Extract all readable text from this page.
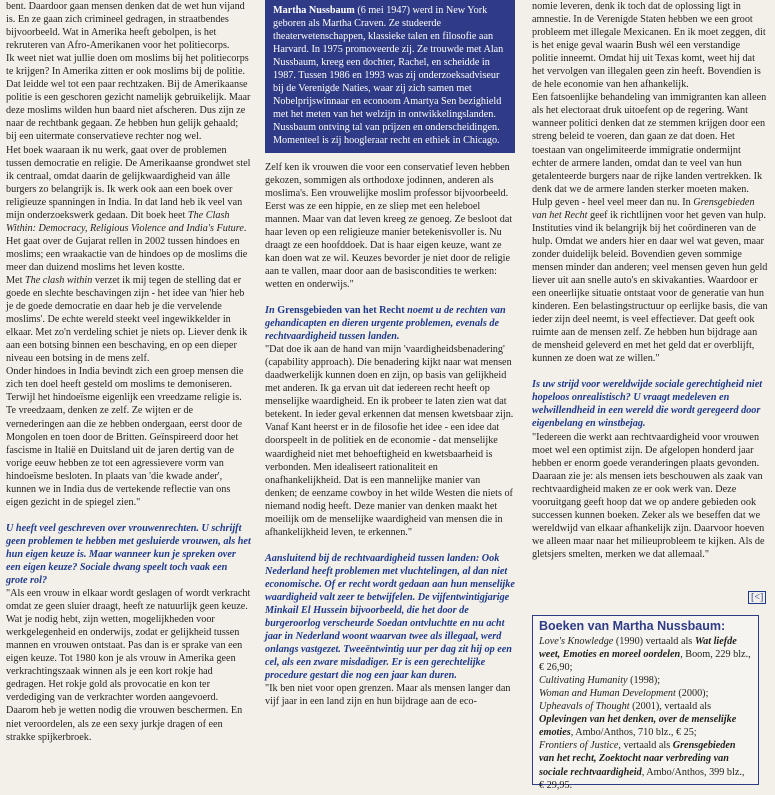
bent. Daardoor gaan mensen denken dat de wet hun vijand is. En ze gaan zich crimineel gedragen, in straatbendes bijvoorbeeld. Wat in Amerika heeft gebolpen, is het rekruteren van Afro-Amerikanen voor het politiecorps.

Ik weet niet wat jullie doen om moslims bij het politiecorps te krijgen? In Amerika zitten er ook moslims bij de politie. Dat leidde wel tot een paar rechtzaken. Bij de Amerikaanse politie is een geschoren gezicht namelijk gebruikelijk. Maar deze moslims wilden hun baard niet afscheren. Dus zijn ze naar de rechtbank gegaan. Ze hebben hun gelijk gehaald; bij een uitermate conservatieve rechter nog wel.

Het boek waaraan ik nu werk, gaat over de problemen tussen democratie en religie. De Amerikaanse grondwet stel ik centraal, omdat daarin de gelijkwaardigheid van álle burgers zo belangrijk is. Ik werk ook aan een boek over religieuze spanningen in India. In dat land heb ik veel van mijn onderzoekswerk gedaan. Dit boek heet The Clash Within: Democracy, Religious Violence and India's Future. Het gaat over de Gujarat rellen in 2002 tussen hindoes en moslims; een wraakactie van de hindoes op de moslims die meer dan duizend moslims het leven kostte.

Met The clash within verzet ik mij tegen de stelling dat er goede en slechte beschavingen zijn - het idee van 'hier heb je de goede democratie en daar heb je die vervelende moslims'. De echte wereld steekt veel ingewikkelder in elkaar. Met zo'n verdeling schiet je niets op. Liever denk ik aan een botsing binnen een beschaving, en op een dieper niveau een botsing in de mens zelf.

Onder hindoes in India bevindt zich een groep mensen die zich ten doel heeft gesteld om moslims te demoniseren. Terwijl het hindoeïsme eigenlijk een vreedzame religie is. Te vreedzaam, denken ze zelf. Ze wijten er de vernederingen aan die ze hebben ondergaan, eerst door de Mongolen en toen door de Britten. Geïnspireerd door het fascisme in Italië en Duitsland uit de jaren dertig van de vorige eeuw hebben ze tot een agressievere vorm van hindoeïsme besloten. In plaats van 'die kwade ander', kunnen we in India dus de vertekende reflectie van ons eigen gezicht in de spiegel zien."

U heeft veel geschreven over vrouwenrechten. U schrijft geen problemen te hebben met gesluierde vrouwen, als het hun eigen keuze is. Maar wanneer kun je spreken over een eigen keuze? Sociale dwang speelt toch vaak een grote rol?

"Als een vrouw in elkaar wordt geslagen of wordt verkracht omdat ze geen sluier draagt, heeft ze natuurlijk geen keuze. Wat je nodig hebt, zijn wetten, mogelijkheden voor werkgelegenheid en onderwijs, zodat er gelijkheid tussen mannen en vrouwen ontstaat. Pas dan is er sprake van een eigen keuze. Tot 1980 kon je als vrouw in Amerika geen verkrachtingszaak winnen als je een kort rokje had gedragen. Het rokje gold als provocatie en kon ter verdediging van de verkrachter worden aangevoerd. Daarom heb je wetten nodig die vrouwen beschermen. En niet veroordelen, als ze een sexy jurkje dragen of een strakke spijkerbroek.

Martha Nussbaum (6 mei 1947) werd in New York geboren als Martha Craven. Ze studeerde theaterwetenschappen, klassieke talen en filosofie aan Harvard. In 1975 promoveerde zij. Ze trouwde met Alan Nussbaum, kreeg een dochter, Rachel, en scheidde in 1987. Tussen 1986 en 1993 was zij onderzoeksadviseur bij de Verenigde Naties, waar zij zich samen met Nobelprijswinnaar en econoom Amartya Sen bezighield met het meten van het welzijn in ontwikkelingslanden. Nussbaum ontving tal van prijzen en onderscheidingen. Momenteel is zij hoogleraar recht en ethiek in Chicago.

Zelf ken ik vrouwen die voor een conservatief leven hebben gekozen, sommigen als orthodoxe jodinnen, anderen als moslima's. Een vrouwelijke moslim professor bijvoorbeeld. Eerst was ze een hippie, en ze sliep met een heleboel mannen. Maar van dat leven kreeg ze genoeg. Ze besloot dat haar leven op een religieuze manier betekenisvoller is. Nu draagt ze een hoofddoek. Dat is haar eigen keuze, want ze kan doen wat ze wil. Keuzes bevorder je niet door de religie aan te vallen, maar door aan de basiscondities te werken: wetten en onderwijs."

In Grensgebieden van het Recht noemt u de rechten van gehandicapten en dieren urgente problemen, evenals de rechtvaardigheid tussen landen.

"Dat doe ik aan de hand van mijn 'vaardigheidsbenadering' (capability approach). Die benadering kijkt naar wat mensen daadwerkelijk kunnen doen en zijn, op basis van gelijkheid met anderen. Ik ga ervan uit dat iedereen recht heeft op menselijke waardigheid. En ik probeer te laten zien wat dat betekent. In ieder geval erkennen dat mensen kwetsbaar zijn.

Vanaf Kant heerst er in de filosofie het idee - een idee dat doorspeelt in de politiek en de economie - dat menselijke waardigheid niet met behoeftigheid en kwetsbaarheid is verbonden. Men idealiseert rationaliteit en onafhankelijkheid. Dat is een mannelijke manier van denken; de eenzame cowboy in het wilde Westen die niets of niemand nodig heeft. Deze manier van denken maakt het moeilijk om de menselijke waardigheid van mensen die in afhankelijkheid leven, te erkennen."

Aansluitend bij de rechtvaardigheid tussen landen: Ook Nederland heeft problemen met vluchtelingen, al dan niet economische. Of er recht wordt gedaan aan hun menselijke waardigheid valt zeer te betwijfelen. De vijfentwintigjarige Minkail El Hussein bijvoorbeeld, die het door de burgeroorlog verscheurde Soedan ontvluchtte en nu acht jaar in Nederland woont waarvan twee als illegaal, werd onlangs vastgezet. Tweeëntwintig uur per dag zit hij op een cel, als een zware misdadiger. Er is een gerechtelijke procedure gestart die nog een jaar kan duren.

"Ik ben niet voor open grenzen. Maar als mensen langer dan vijf jaar in een land zijn en hun bijdrage aan de eco-

nomie leveren, denk ik toch dat de oplossing ligt in amnestie. In de Verenigde Staten hebben we een groot probleem met illegale Mexicanen. En ik moet zeggen, dit is het enige geval waarin Bush wél een verstandige politie inneemt. Omdat hij uit Texas komt, weet hij dat het vervolgen van illegalen geen zin heeft. Bovendien is de hele economie van hen afhankelijk.

Een fatsoenlijke behandeling van immigranten kan alleen als het electoraat druk uitoefent op de regering. Want wanneer politici denken dat ze stemmen krijgen door een streng beleid te voeren, dan gaan ze dat doen. Het toestaan van ongelimiteerde immigratie ondermijnt echter de armere landen, omdat dan te veel van hun getalenteerde burgers naar de rijke landen vertrekken. Ik denk dat we de armere landen sterker moeten maken. Hulp geven - heel veel meer dan nu. In Grensgebieden van het Recht geef ik richtlijnen voor het geven van hulp.

Instituties vind ik belangrijk bij het coördineren van de hulp. Omdat we anders hier en daar wel wat geven, maar zonder duidelijk beleid. Bovendien geven sommige mensen minder dan anderen; veel mensen geven hun geld liever uit aan snelle auto's en skivakanties. Waardoor er een oneerlijke situatie ontstaat voor de generatie van hun kinderen. Een belastingstructuur op eerlijke basis, die van ieder zijn deel neemt, is veel effectiever. Dat geeft ook ruimte aan de mensen zelf. Ze hebben hun bijdrage aan de mensheid geleverd en met het geld dat er overblijft, kunnen ze doen wat ze willen."

Is uw strijd voor wereldwijde sociale gerechtigheid niet hopeloos onrealistisch? U vraagt medeleven en welwillendheid in een wereld die wordt geregeerd door eigenbelang en winstbejag.

"Iedereen die werkt aan rechtvaardigheid voor vrouwen moet wel een optimist zijn. De afgelopen honderd jaar hebben er enorm goede veranderingen plaats gevonden. Daaraan zie je: als mensen iets beschouwen als zaak van rechtvaardigheid maken ze er ook werk van. Deze vooruitgang geeft hoop dat we op andere gebieden ook successen kunnen boeken. Zeker als we beseffen dat we wereldwijd van elkaar afhankelijk zijn. Daarvoor hoeven we alleen maar naar het milieuprobleem te kijken. Als de gletsjers smelten, merken we dat allemaal."

[<]
Boeken van Martha Nussbaum:
Love's Knowledge (1990) vertaald als Wat liefde weet, Emoties en moreel oordelen, Boom, 229 blz.,€ 26,90;
Cultivating Humanity (1998);
Woman and Human Development (2000);
Upheavals of Thought (2001), vertaald als Oplevingen van het denken, over de menselijke emoties, Ambo/Anthos, 710 blz., € 25;
Frontiers of Justice, vertaald als Grensgebieden van het recht, Zoektocht naar verbreding van sociale rechtvaardigheid, Ambo/Anthos, 399 blz., € 29,95.
